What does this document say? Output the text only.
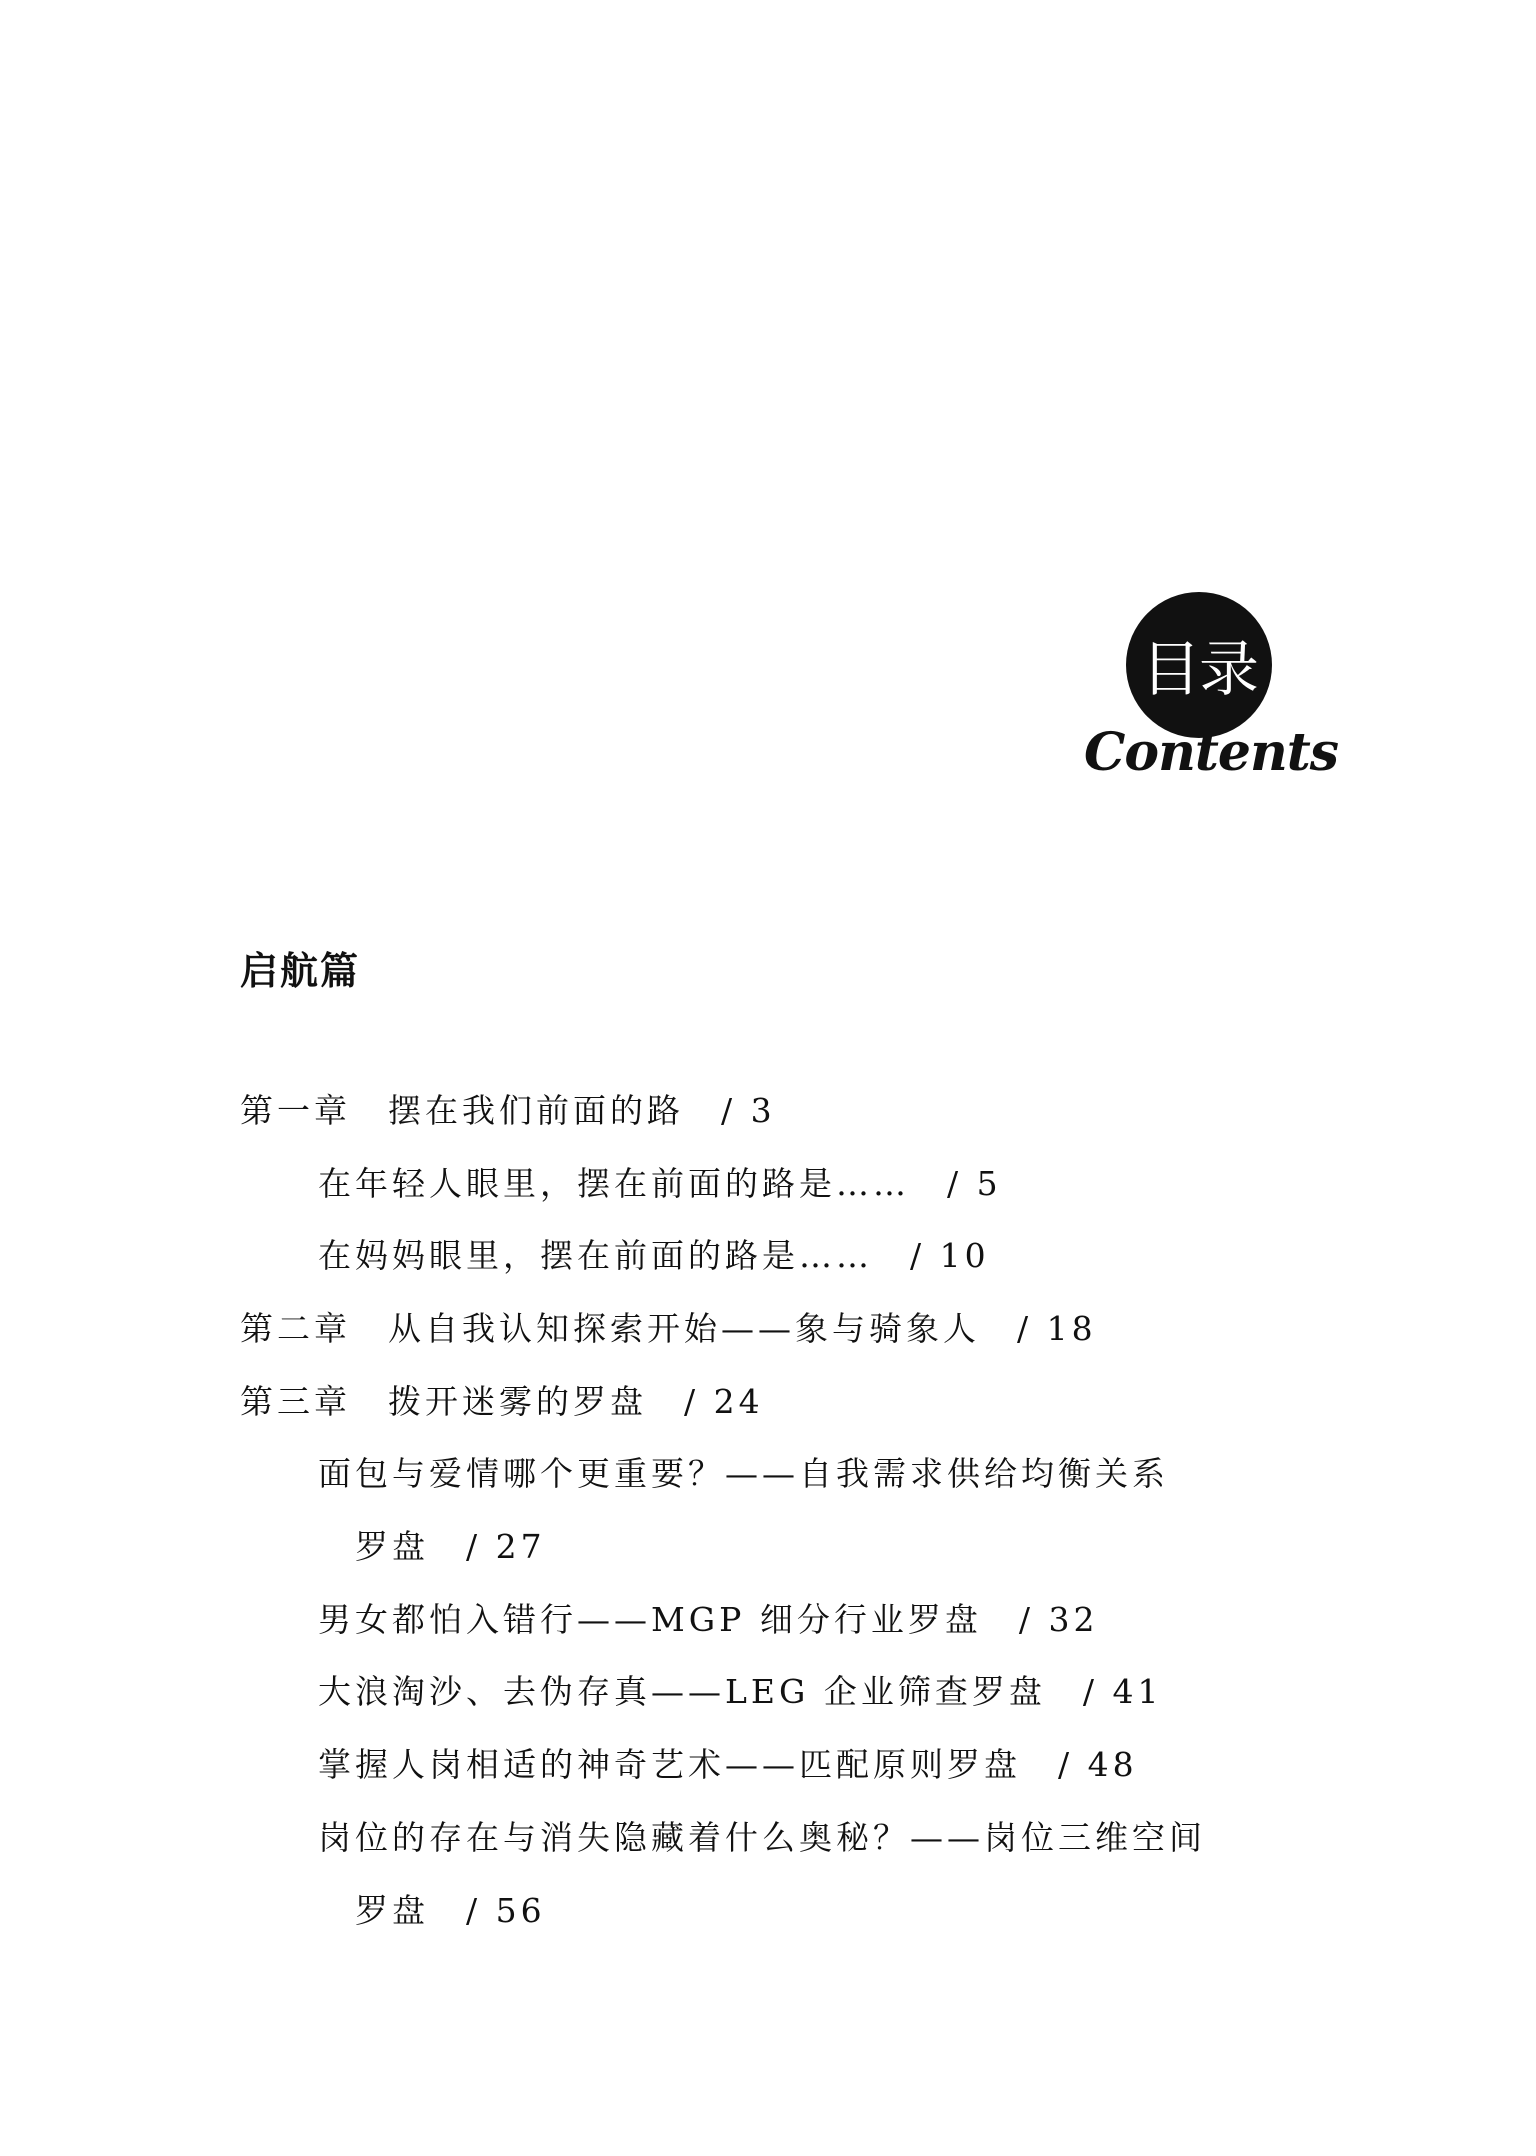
目录
Contents
启航篇
第一章　摆在我们前面的路　/ 3
在年轻人眼里，摆在前面的路是……　/ 5
在妈妈眼里，摆在前面的路是……　/ 10
第二章　从自我认知探索开始——象与骑象人　/ 18
第三章　拨开迷雾的罗盘　/ 24
面包与爱情哪个更重要？——自我需求供给均衡关系
罗盘　/ 27
男女都怕入错行——MGP 细分行业罗盘　/ 32
大浪淘沙、去伪存真——LEG 企业筛查罗盘　/ 41
掌握人岗相适的神奇艺术——匹配原则罗盘　/ 48
岗位的存在与消失隐藏着什么奥秘？——岗位三维空间
罗盘　/ 56
